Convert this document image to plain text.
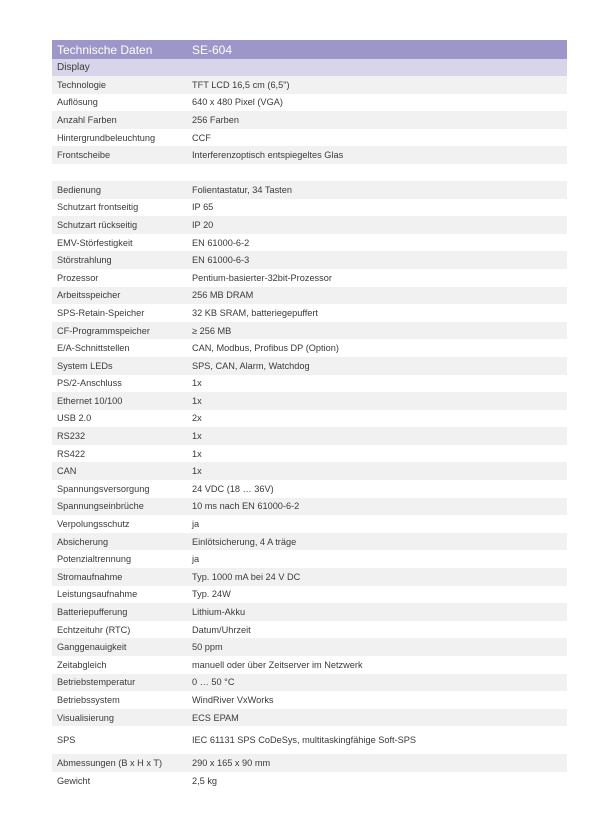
Technische Daten	SE-604
Display
Technologie	TFT LCD 16,5 cm (6,5")
Auflösung	640 x 480 Pixel (VGA)
Anzahl Farben	256 Farben
Hintergrundbeleuchtung	CCF
Frontscheibe	Interferenzoptisch entspiegeltes Glas
Bedienung	Folientastatur, 34 Tasten
Schutzart frontseitig	IP 65
Schutzart rückseitig	IP 20
EMV-Störfestigkeit	EN 61000-6-2
Störstrahlung	EN 61000-6-3
Prozessor	Pentium-basierter-32bit-Prozessor
Arbeitsspeicher	256 MB DRAM
SPS-Retain-Speicher	32 KB SRAM, batteriegepuffert
CF-Programmspeicher	≥ 256 MB
E/A-Schnittstellen	CAN, Modbus, Profibus DP (Option)
System LEDs	SPS, CAN, Alarm, Watchdog
PS/2-Anschluss	1x
Ethernet 10/100	1x
USB 2.0	2x
RS232	1x
RS422	1x
CAN	1x
Spannungsversorgung	24 VDC (18 … 36V)
Spannungseinbrüche	10 ms nach EN 61000-6-2
Verpolungsschutz	ja
Absicherung	Einlötsicherung, 4 A träge
Potenzialtrennung	ja
Stromaufnahme	Typ. 1000 mA bei 24 V DC
Leistungsaufnahme	Typ. 24W
Batteriepufferung	Lithium-Akku
Echtzeituhr (RTC)	Datum/Uhrzeit
Ganggenauigkeit	50 ppm
Zeitabgleich	manuell oder über Zeitserver im Netzwerk
Betriebstemperatur	0 … 50 °C
Betriebssystem	WindRiver VxWorks
Visualisierung	ECS EPAM
SPS	IEC 61131 SPS CoDeSys, multitaskingfähige Soft-SPS
Abmessungen (B x H x T)	290 x 165 x 90 mm
Gewicht	2,5 kg
